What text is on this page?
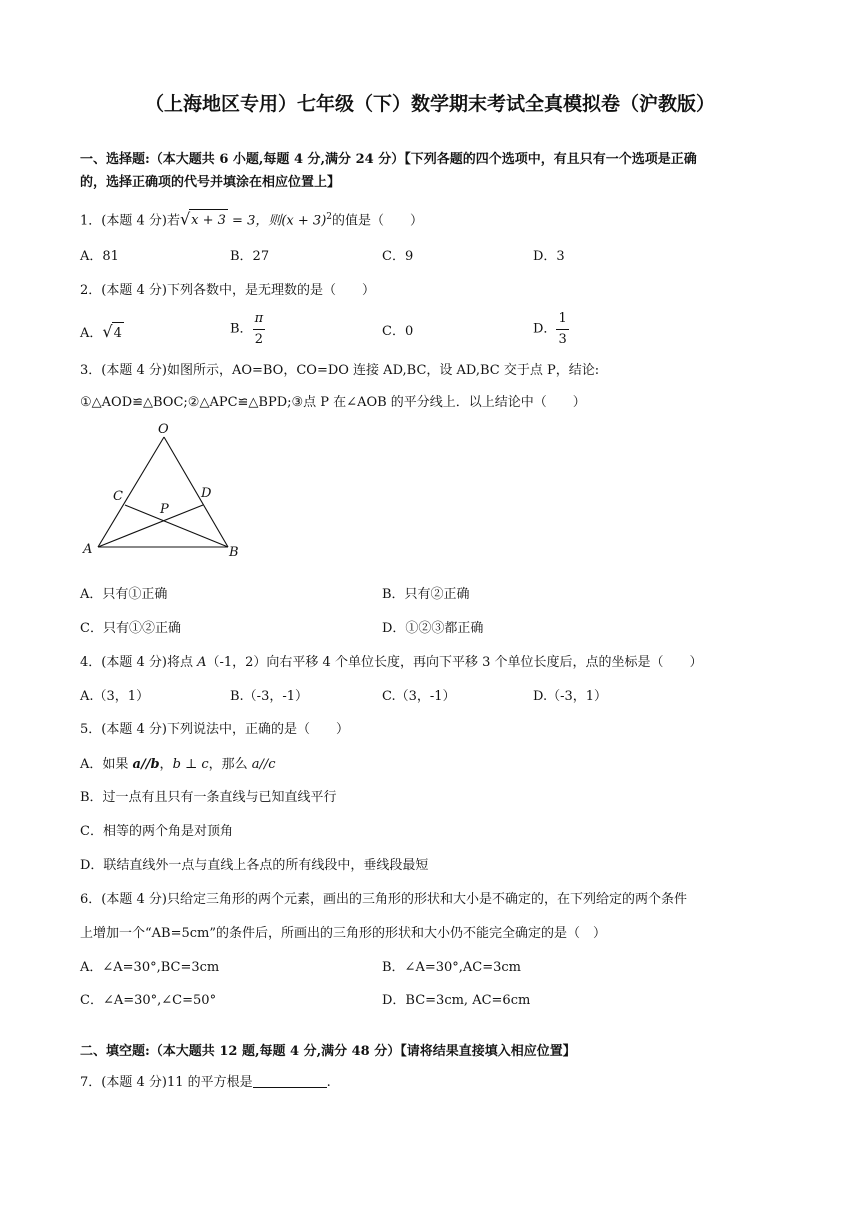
（上海地区专用）七年级（下）数学期末考试全真模拟卷（沪教版）
一、选择题:（本大题共 6 小题,每题 4 分,满分 24 分）【下列各题的四个选项中，有且只有一个选项是正确
的，选择正确项的代号并填涂在相应位置上】
1．(本题 4 分)若√x + 3 = 3，则$(x + 3)^2$的值是（　　）
A．81	B．27	C．9	D．3
2．(本题 4 分)下列各数中，是无理数的是（　　）
A．√4	B． $\frac{\pi}{2}$	C．0	D． $\frac{1}{3}$
3．(本题 4 分)如图所示，AO=BO，CO=DO 连接 AD,BC，设 AD,BC 交于点 P，结论:
①△AOD≌△BOC;②△APC≌△BPD;③点 P 在∠AOB 的平分线上．以上结论中（　　）
O
C	D
P
A	B
A．只有①正确	B．只有②正确
C．只有①②正确	D．①②③都正确
4．(本题 4 分)将点 A（-1，2）向右平移 4 个单位长度，再向下平移 3 个单位长度后，点的坐标是（　　）
A.（3，1）	B.（-3，-1）	C.（3，-1）	D.（-3，1）
5．(本题 4 分)下列说法中，正确的是（　　）
A．如果 a//b，b ⊥ c，那么 a//c
B．过一点有且只有一条直线与已知直线平行
C．相等的两个角是对顶角
D．联结直线外一点与直线上各点的所有线段中，垂线段最短
6．(本题 4 分)只给定三角形的两个元素，画出的三角形的形状和大小是不确定的，在下列给定的两个条件
上增加一个“AB=5cm”的条件后，所画出的三角形的形状和大小仍不能完全确定的是（　）
A．∠A=30°,BC=3cm	B．∠A=30°,AC=3cm
C．∠A=30°,∠C=50°	D．BC=3cm, AC=6cm
二、填空题:（本大题共 12 题,每题 4 分,满分 48 分）【请将结果直接填入相应位置】
7．(本题 4 分)11 的平方根是	.
